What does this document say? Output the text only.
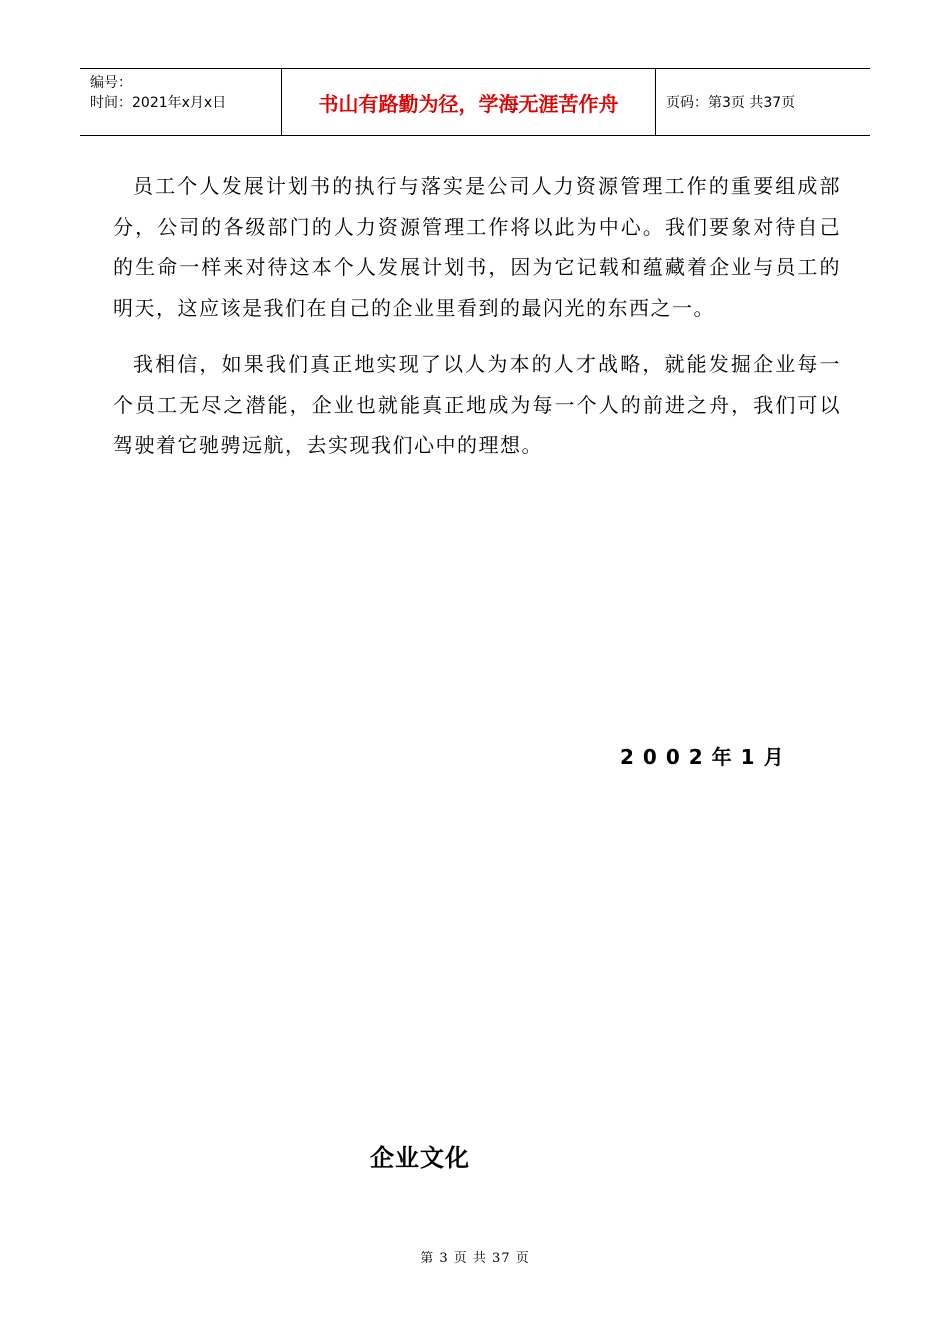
编号：
时间：2021年x月x日	书山有路勤为径，学海无涯苦作舟	页码：第3页 共37页

员工个人发展计划书的执行与落实是公司人力资源管理工作的重要组成部分，公司的各级部门的人力资源管理工作将以此为中心。我们要象对待自己的生命一样来对待这本个人发展计划书，因为它记载和蕴藏着企业与员工的明天，这应该是我们在自己的企业里看到的最闪光的东西之一。

我相信，如果我们真正地实现了以人为本的人才战略，就能发掘企业每一个员工无尽之潜能，企业也就能真正地成为每一个人的前进之舟，我们可以驾驶着它驰骋远航，去实现我们心中的理想。

2002年1月
企业文化
第 3 页 共 37 页
